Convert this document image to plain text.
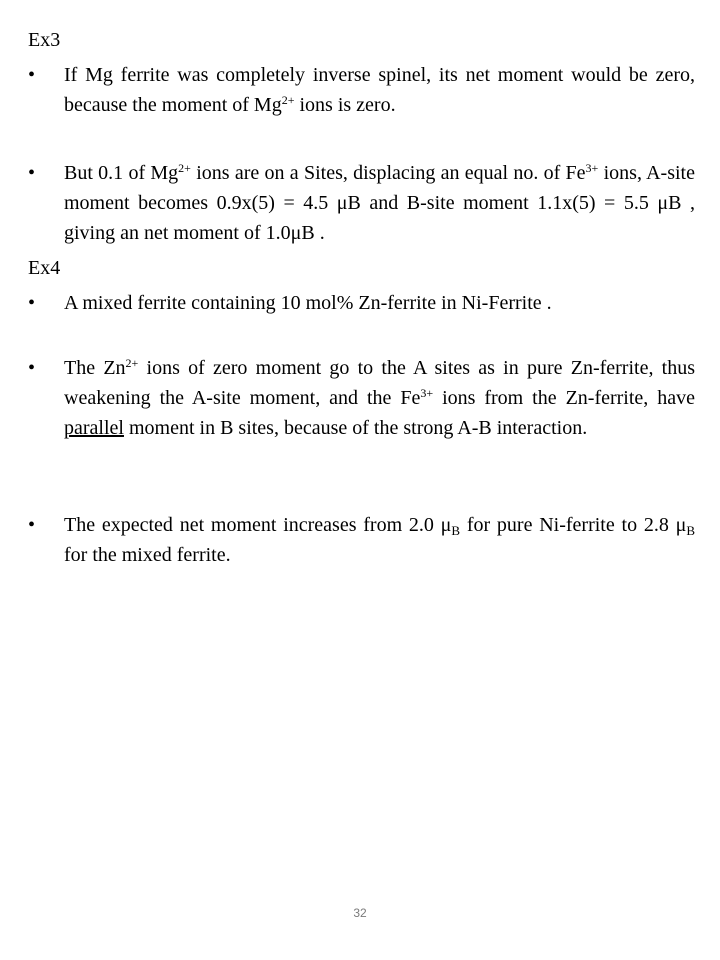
Ex3
•	If Mg ferrite was completely inverse spinel, its net moment would be zero, because the moment of $Mg^{2+}$ ions is zero.
•	But 0.1 of $Mg^{2+}$ ions are on a Sites, displacing an equal no. of $Fe^{3+}$ ions, A-site moment becomes 0.9x(5) = 4.5 μB and B-site moment 1.1x(5) = 5.5 μB , giving an net moment of 1.0μB .
Ex4
•	A mixed ferrite containing 10 mol% Zn-ferrite in Ni-Ferrite .
•	The $Zn^{2+}$ ions of zero moment go to the A sites as in pure Zn-ferrite, thus weakening the A-site moment, and the $Fe^{3+}$ ions from the Zn-ferrite, have parallel moment in B sites, because of the strong A-B interaction.
•	The expected net moment increases from 2.0 $\mu_B$ for pure Ni-ferrite to 2.8 $\mu_B$ for the mixed ferrite.
32
